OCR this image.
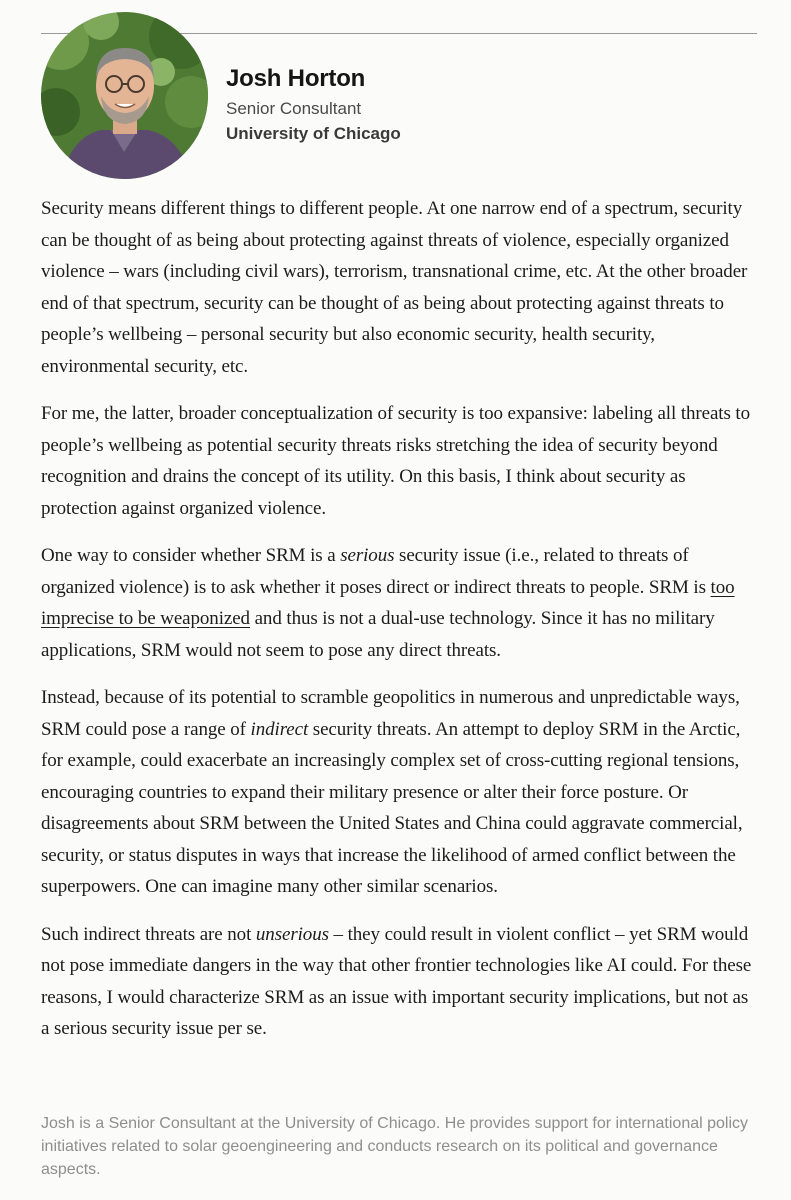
Josh Horton
Senior Consultant
University of Chicago

Security means different things to different people. At one narrow end of a spectrum, security can be thought of as being about protecting against threats of violence, especially organized violence – wars (including civil wars), terrorism, transnational crime, etc. At the other broader end of that spectrum, security can be thought of as being about protecting against threats to people’s wellbeing – personal security but also economic security, health security, environmental security, etc.

For me, the latter, broader conceptualization of security is too expansive: labeling all threats to people’s wellbeing as potential security threats risks stretching the idea of security beyond recognition and drains the concept of its utility. On this basis, I think about security as protection against organized violence.

One way to consider whether SRM is a serious security issue (i.e., related to threats of organized violence) is to ask whether it poses direct or indirect threats to people. SRM is too imprecise to be weaponized and thus is not a dual-use technology. Since it has no military applications, SRM would not seem to pose any direct threats.

Instead, because of its potential to scramble geopolitics in numerous and unpredictable ways, SRM could pose a range of indirect security threats. An attempt to deploy SRM in the Arctic, for example, could exacerbate an increasingly complex set of cross-cutting regional tensions, encouraging countries to expand their military presence or alter their force posture. Or disagreements about SRM between the United States and China could aggravate commercial, security, or status disputes in ways that increase the likelihood of armed conflict between the superpowers. One can imagine many other similar scenarios.

Such indirect threats are not unserious – they could result in violent conflict – yet SRM would not pose immediate dangers in the way that other frontier technologies like AI could. For these reasons, I would characterize SRM as an issue with important security implications, but not as a serious security issue per se.

Josh is a Senior Consultant at the University of Chicago. He provides support for international policy initiatives related to solar geoengineering and conducts research on its political and governance aspects.
